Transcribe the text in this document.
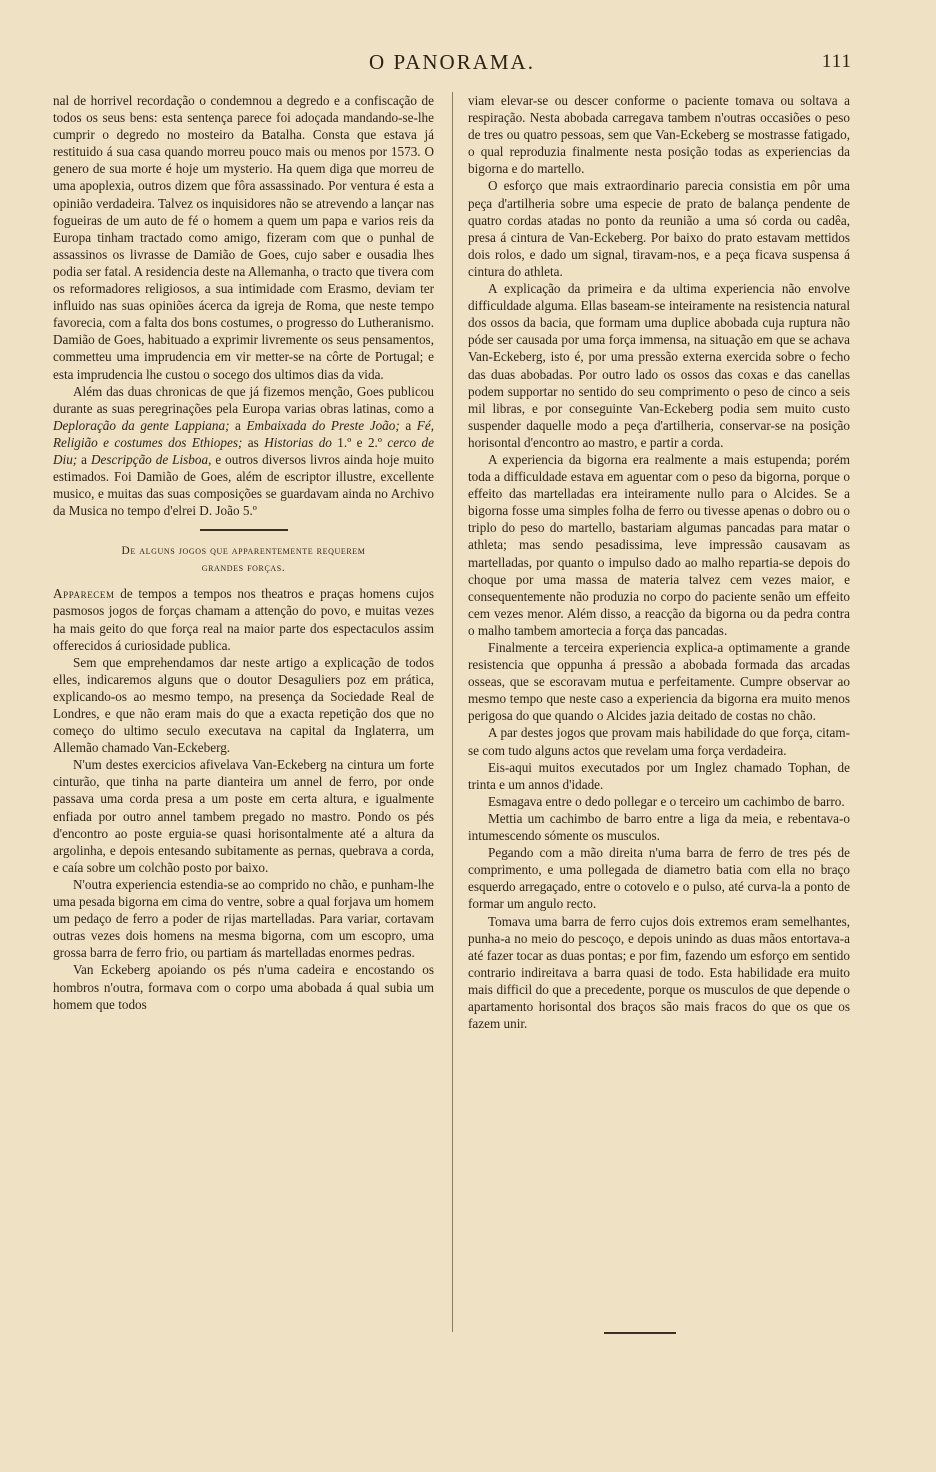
O PANORAMA.	111

nal de horrivel recordação o condemnou a degredo e a confiscação de todos os seus bens: esta sentença parece foi adoçada mandando-se-lhe cumprir o degredo no mosteiro da Batalha. Consta que estava já restituido á sua casa quando morreu pouco mais ou menos por 1573. O genero de sua morte é hoje um mysterio. Ha quem diga que morreu de uma apoplexia, outros dizem que fôra assassinado. Por ventura é esta a opinião verdadeira. Talvez os inquisidores não se atrevendo a lançar nas fogueiras de um auto de fé o homem a quem um papa e varios reis da Europa tinham tractado como amigo, fizeram com que o punhal de assassinos os livrasse de Damião de Goes, cujo saber e ousadia lhes podia ser fatal. A residencia deste na Allemanha, o tracto que tivera com os reformadores religiosos, a sua intimidade com Erasmo, deviam ter influido nas suas opiniões ácerca da igreja de Roma, que neste tempo favorecia, com a falta dos bons costumes, o progresso do Lutheranismo. Damião de Goes, habituado a exprimir livremente os seus pensamentos, commetteu uma imprudencia em vir metter-se na côrte de Portugal; e esta imprudencia lhe custou o socego dos ultimos dias da vida.

Além das duas chronicas de que já fizemos menção, Goes publicou durante as suas peregrinações pela Europa varias obras latinas, como a Deploração da gente Lappiana; a Embaixada do Preste João; a Fé, Religião e costumes dos Ethiopes; as Historias do 1.º e 2.º cerco de Diu; a Descripção de Lisboa, e outros diversos livros ainda hoje muito estimados. Foi Damião de Goes, além de escriptor illustre, excellente musico, e muitas das suas composições se guardavam ainda no Archivo da Musica no tempo d'elrei D. João 5.º

De alguns jogos que apparentemente requerem
grandes forças.

Apparecem de tempos a tempos nos theatros e praças homens cujos pasmosos jogos de forças chamam a attenção do povo, e muitas vezes ha mais geito do que força real na maior parte dos espectaculos assim offerecidos á curiosidade publica.

Sem que emprehendamos dar neste artigo a explicação de todos elles, indicaremos alguns que o doutor Desaguliers poz em prática, explicando-os ao mesmo tempo, na presença da Sociedade Real de Londres, e que não eram mais do que a exacta repetição dos que no começo do ultimo seculo executava na capital da Inglaterra, um Allemão chamado Van-Eckeberg.

N'um destes exercicios afivelava Van-Eckeberg na cintura um forte cinturão, que tinha na parte dianteira um annel de ferro, por onde passava uma corda presa a um poste em certa altura, e igualmente enfiada por outro annel tambem pregado no mastro. Pondo os pés d'encontro ao poste erguia-se quasi horisontalmente até a altura da argolinha, e depois entesando subitamente as pernas, quebrava a corda, e caía sobre um colchão posto por baixo.

N'outra experiencia estendia-se ao comprido no chão, e punham-lhe uma pesada bigorna em cima do ventre, sobre a qual forjava um homem um pedaço de ferro a poder de rijas martelladas. Para variar, cortavam outras vezes dois homens na mesma bigorna, com um escopro, uma grossa barra de ferro frio, ou partiam ás martelladas enormes pedras.

Van Eckeberg apoiando os pés n'uma cadeira e encostando os hombros n'outra, formava com o corpo uma abobada á qual subia um homem que todos

viam elevar-se ou descer conforme o paciente tomava ou soltava a respiração. Nesta abobada carregava tambem n'outras occasiões o peso de tres ou quatro pessoas, sem que Van-Eckeberg se mostrasse fatigado, o qual reproduzia finalmente nesta posição todas as experiencias da bigorna e do martello.

O esforço que mais extraordinario parecia consistia em pôr uma peça d'artilheria sobre uma especie de prato de balança pendente de quatro cordas atadas no ponto da reunião a uma só corda ou cadêa, presa á cintura de Van-Eckeberg. Por baixo do prato estavam mettidos dois rolos, e dado um signal, tiravam-nos, e a peça ficava suspensa á cintura do athleta.

A explicação da primeira e da ultima experiencia não envolve difficuldade alguma. Ellas baseam-se inteiramente na resistencia natural dos ossos da bacia, que formam uma duplice abobada cuja ruptura não póde ser causada por uma força immensa, na situação em que se achava Van-Eckeberg, isto é, por uma pressão externa exercida sobre o fecho das duas abobadas. Por outro lado os ossos das coxas e das canellas podem supportar no sentido do seu comprimento o peso de cinco a seis mil libras, e por conseguinte Van-Eckeberg podia sem muito custo suspender daquelle modo a peça d'artilheria, conservar-se na posição horisontal d'encontro ao mastro, e partir a corda.

A experiencia da bigorna era realmente a mais estupenda; porém toda a difficuldade estava em aguentar com o peso da bigorna, porque o effeito das martelladas era inteiramente nullo para o Alcides. Se a bigorna fosse uma simples folha de ferro ou tivesse apenas o dobro ou o triplo do peso do martello, bastariam algumas pancadas para matar o athleta; mas sendo pesadissima, leve impressão causavam as martelladas, por quanto o impulso dado ao malho repartia-se depois do choque por uma massa de materia talvez cem vezes maior, e consequentemente não produzia no corpo do paciente senão um effeito cem vezes menor. Além disso, a reacção da bigorna ou da pedra contra o malho tambem amortecia a força das pancadas.

Finalmente a terceira experiencia explica-a optimamente a grande resistencia que oppunha á pressão a abobada formada das arcadas osseas, que se escoravam mutua e perfeitamente. Cumpre observar ao mesmo tempo que neste caso a experiencia da bigorna era muito menos perigosa do que quando o Alcides jazia deitado de costas no chão.

A par destes jogos que provam mais habilidade do que força, citam-se com tudo alguns actos que revelam uma força verdadeira.

Eis-aqui muitos executados por um Inglez chamado Tophan, de trinta e um annos d'idade.

Esmagava entre o dedo pollegar e o terceiro um cachimbo de barro.

Mettia um cachimbo de barro entre a liga da meia, e rebentava-o intumescendo sómente os musculos.

Pegando com a mão direita n'uma barra de ferro de tres pés de comprimento, e uma pollegada de diametro batia com ella no braço esquerdo arregaçado, entre o cotovelo e o pulso, até curva-la a ponto de formar um angulo recto.

Tomava uma barra de ferro cujos dois extremos eram semelhantes, punha-a no meio do pescoço, e depois unindo as duas mãos entortava-a até fazer tocar as duas pontas; e por fim, fazendo um esforço em sentido contrario indireitava a barra quasi de todo. Esta habilidade era muito mais difficil do que a precedente, porque os musculos de que depende o apartamento horisontal dos braços são mais fracos do que os que os fazem unir.
